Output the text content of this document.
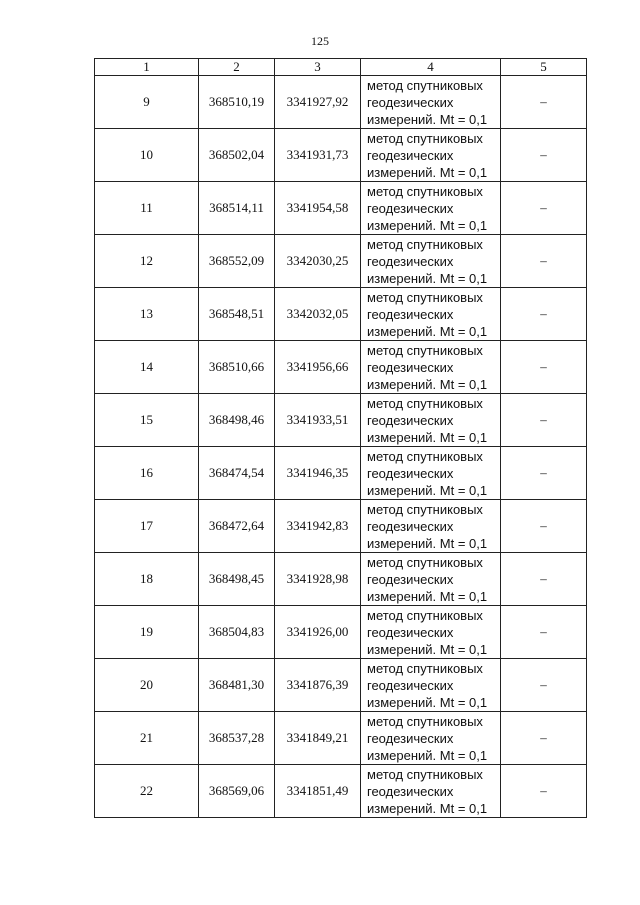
125
1	2	3	4	5
9	368510,19	3341927,92	метод спутниковых
геодезических
измерений. Mt = 0,1	–
10	368502,04	3341931,73	метод спутниковых
геодезических
измерений. Mt = 0,1	–
11	368514,11	3341954,58	метод спутниковых
геодезических
измерений. Mt = 0,1	–
12	368552,09	3342030,25	метод спутниковых
геодезических
измерений. Mt = 0,1	–
13	368548,51	3342032,05	метод спутниковых
геодезических
измерений. Mt = 0,1	–
14	368510,66	3341956,66	метод спутниковых
геодезических
измерений. Mt = 0,1	–
15	368498,46	3341933,51	метод спутниковых
геодезических
измерений. Mt = 0,1	–
16	368474,54	3341946,35	метод спутниковых
геодезических
измерений. Mt = 0,1	–
17	368472,64	3341942,83	метод спутниковых
геодезических
измерений. Mt = 0,1	–
18	368498,45	3341928,98	метод спутниковых
геодезических
измерений. Mt = 0,1	–
19	368504,83	3341926,00	метод спутниковых
геодезических
измерений. Mt = 0,1	–
20	368481,30	3341876,39	метод спутниковых
геодезических
измерений. Mt = 0,1	–
21	368537,28	3341849,21	метод спутниковых
геодезических
измерений. Mt = 0,1	–
22	368569,06	3341851,49	метод спутниковых
геодезических
измерений. Mt = 0,1	–
